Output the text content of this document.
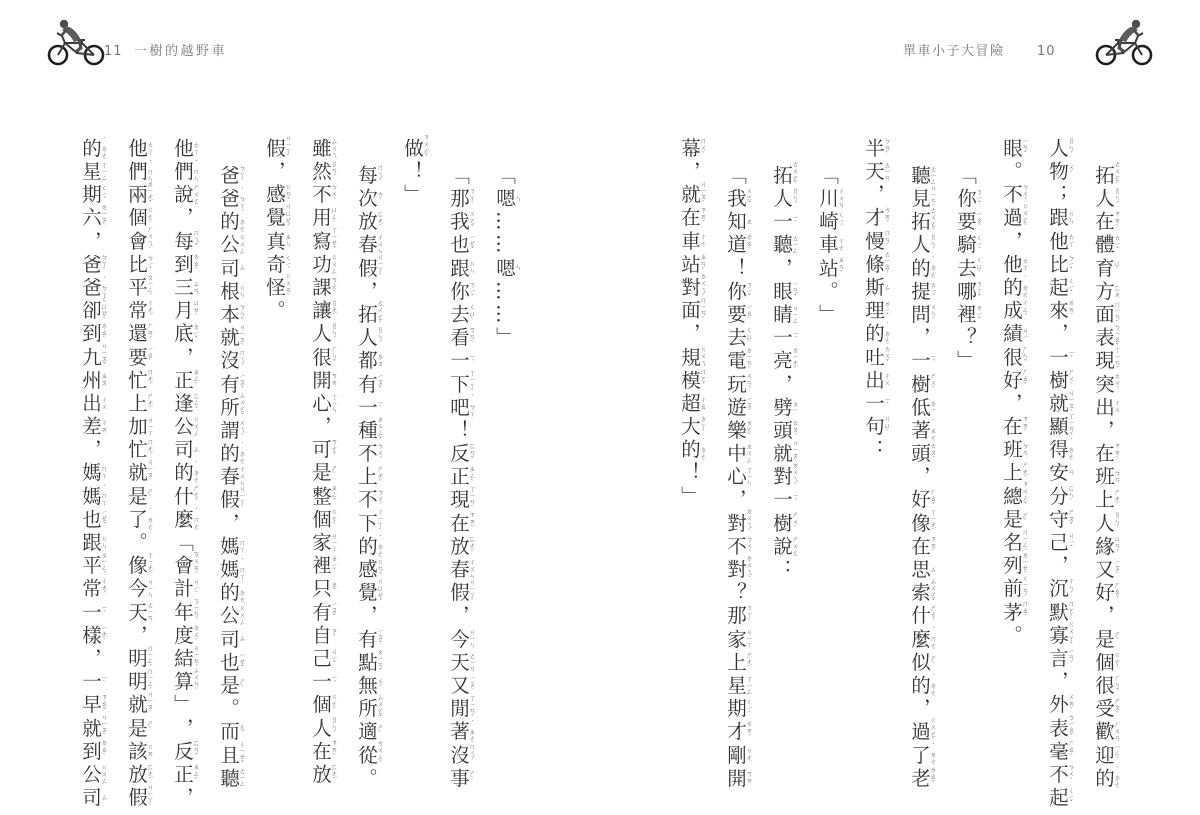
11 一樹的越野車	單車小子大冒險 10
拓
ㄊㄨㄛˋ
人
ㄖㄣˊ
在
ㄗㄞˋ
體
ㄊㄧˇ
育
ㄩˋ
方
ㄈㄤ
面
ㄇㄧㄢˋ
表
ㄅㄧㄠˇ
現
ㄒㄧㄢˋ
突
ㄊㄨˊ
出
ㄔㄨ
，
在
ㄗㄞˋ
班
ㄅㄢ
上
ㄕㄤˋ
人
ㄖㄣˊ
緣
ㄩㄢˊ
又
ㄧㄡˋ
好
ㄏㄠˇ
，
是
ㄕˋ
個
ㄍㄜˋ
很
ㄏㄣˇ
受
ㄕㄡˋ
歡
ㄏㄨㄢ
迎
ㄧㄥˊ
的
˙ㄉㄜ
人
ㄖㄣˊ
物
ㄨˋ
；
跟
ㄍㄣ
他
ㄊㄚ
比
ㄅㄧˇ
起
ㄑㄧˇ
來
ㄌㄞˊ
，
一
ㄧˊ
樹
ㄕㄨˋ
就
ㄐㄧㄡˋ
顯
ㄒㄧㄢˇ
得
˙ㄉㄜ
安
ㄢ
分
ㄈㄣˋ
守
ㄕㄡˇ
己
ㄐㄧˇ
，
沉
ㄔㄣˊ
默
ㄇㄛˋ
寡
ㄍㄨㄚˇ
言
ㄧㄢˊ
，
外
ㄨㄞˋ
表
ㄅㄧㄠˇ
毫
ㄏㄠˊ
不
ㄅㄨˋ
起
ㄑㄧˇ
眼
ㄧㄢˇ
。
不
ㄅㄨˊ
過
ㄍㄨㄛˋ
，
他
ㄊㄚ
的
˙ㄉㄜ
成
ㄔㄥˊ
績
ㄐㄧ
很
ㄏㄣˇ
好
ㄏㄠˇ
，
在
ㄗㄞˋ
班
ㄅㄢ
上
ㄕㄤˋ
總
ㄗㄨㄥˇ
是
ㄕˋ
名
ㄇㄧㄥˊ
列
ㄌㄧㄝˋ
前
ㄑㄧㄢˊ
茅
ㄇㄠˊ
。
「
你
ㄋㄧˇ
要
ㄧㄠˋ
騎
ㄑㄧˊ
去
ㄑㄩˋ
哪
ㄋㄚˇ
裡
ㄌㄧˇ
？
」
聽
ㄊㄧㄥ
見
ㄐㄧㄢˋ
拓
ㄊㄨㄛˋ
人
ㄖㄣˊ
的
˙ㄉㄜ
提
ㄊㄧˊ
問
ㄨㄣˋ
，
一
ㄧˊ
樹
ㄕㄨˋ
低
ㄉㄧ
著
˙ㄓㄜ
頭
ㄊㄡˊ
，
好
ㄏㄠˇ
像
ㄒㄧㄤˋ
在
ㄗㄞˋ
思
ㄙ
索
ㄙㄨㄛˇ
什
ㄕㄜˊ
麼
˙ㄇㄜ
似
ㄕˋ
的
˙ㄉㄜ
，
過
ㄍㄨㄛˋ
了
˙ㄌㄜ
老
ㄌㄠˇ
半
ㄅㄢˋ
天
ㄊㄧㄢ
，
才
ㄘㄞˊ
慢
ㄇㄢˋ
條
ㄊㄧㄠˊ
斯
ㄙ
理
ㄌㄧˇ
的
˙ㄉㄜ
吐
ㄊㄨˇ
出
ㄔㄨ
一
ㄧˊ
句
ㄐㄩˋ
：
「
川
ㄔㄨㄢ
崎
ㄑㄧˊ
車
ㄔㄜ
站
ㄓㄢˋ
。
」
拓
ㄊㄨㄛˋ
人
ㄖㄣˊ
一
ㄧˋ
聽
ㄊㄧㄥ
，
眼
ㄧㄢˇ
睛
ㄐㄧㄥ
一
ㄧˊ
亮
ㄌㄧㄤˋ
，
劈
ㄆㄧ
頭
ㄊㄡˊ
就
ㄐㄧㄡˋ
對
ㄉㄨㄟˋ
一
ㄧˊ
樹
ㄕㄨˋ
說
ㄕㄨㄛ
：
「
我
ㄨㄛˇ
知
ㄓ
道
ㄉㄠˋ
！
你
ㄋㄧˇ
要
ㄧㄠˋ
去
ㄑㄩˋ
電
ㄉㄧㄢˋ
玩
ㄨㄢˊ
遊
ㄧㄡˊ
樂
ㄌㄜˋ
中
ㄓㄨㄥ
心
ㄒㄧㄣ
，
對
ㄉㄨㄟˋ
不
ㄅㄨˊ
對
ㄉㄨㄟˋ
？
那
ㄋㄚˋ
家
ㄐㄧㄚ
上
ㄕㄤˋ
星
ㄒㄧㄥ
期
ㄑㄧˊ
才
ㄘㄞˊ
剛
ㄍㄤ
開
ㄎㄞ
幕
ㄇㄨˋ
，
就
ㄐㄧㄡˋ
在
ㄗㄞˋ
車
ㄔㄜ
站
ㄓㄢˋ
對
ㄉㄨㄟˋ
面
ㄇㄧㄢˋ
，
規
ㄍㄨㄟ
模
ㄇㄛˊ
超
ㄔㄠ
大
ㄉㄚˋ
的
˙ㄉㄜ
！
」
「
嗯
ㄣ
…
…
嗯
ㄣ
…
…
」
「
那
ㄋㄚˋ
我
ㄨㄛˇ
也
ㄧㄝˇ
跟
ㄍㄣ
你
ㄋㄧˇ
去
ㄑㄩˋ
看
ㄎㄢˋ
一
ㄧˊ
下
ㄒㄧㄚˋ
吧
˙ㄅㄚ
！
反
ㄈㄢˇ
正
ㄓㄥˋ
現
ㄒㄧㄢˋ
在
ㄗㄞˋ
放
ㄈㄤˋ
春
ㄔㄨㄣ
假
ㄐㄧㄚˋ
，
今
ㄐㄧㄣ
天
ㄊㄧㄢ
又
ㄧㄡˋ
閒
ㄒㄧㄢˊ
著
˙ㄓㄜ
沒
ㄇㄟˊ
事
ㄕˋ
做
ㄗㄨㄛˋ
！
」
每
ㄇㄟˇ
次
ㄘˋ
放
ㄈㄤˋ
春
ㄔㄨㄣ
假
ㄐㄧㄚˋ
，
拓
ㄊㄨㄛˋ
人
ㄖㄣˊ
都
ㄉㄡ
有
ㄧㄡˇ
一
ㄧˋ
種
ㄓㄨㄥˇ
不
ㄅㄨˊ
上
ㄕㄤˋ
不
ㄅㄨˊ
下
ㄒㄧㄚˋ
的
˙ㄉㄜ
感
ㄍㄢˇ
覺
ㄐㄩㄝˊ
，
有
ㄧㄡˇ
點
ㄉㄧㄢˇ
無
ㄨˊ
所
ㄙㄨㄛˇ
適
ㄕˋ
從
ㄘㄨㄥˊ
。
雖
ㄙㄨㄟ
然
ㄖㄢˊ
不
ㄅㄨˊ
用
ㄩㄥˋ
寫
ㄒㄧㄝˇ
功
ㄍㄨㄥ
課
ㄎㄜˋ
讓
ㄖㄤˋ
人
ㄖㄣˊ
很
ㄏㄣˇ
開
ㄎㄞ
心
ㄒㄧㄣ
，
可
ㄎㄜˇ
是
ㄕˋ
整
ㄓㄥˇ
個
ㄍㄜˋ
家
ㄐㄧㄚ
裡
ㄌㄧˇ
只
ㄓˇ
有
ㄧㄡˇ
自
ㄗˋ
己
ㄐㄧˇ
一
ㄧˊ
個
ㄍㄜˋ
人
ㄖㄣˊ
在
ㄗㄞˋ
放
ㄈㄤˋ
假
ㄐㄧㄚˋ
，
感
ㄍㄢˇ
覺
ㄐㄩㄝˊ
真
ㄓㄣ
奇
ㄑㄧˊ
怪
ㄍㄨㄞˋ
。
爸
ㄅㄚˋ
爸
˙ㄅㄚ
的
˙ㄉㄜ
公
ㄍㄨㄥ
司
ㄙ
根
ㄍㄣ
本
ㄅㄣˇ
就
ㄐㄧㄡˋ
沒
ㄇㄟˊ
有
ㄧㄡˇ
所
ㄙㄨㄛˇ
謂
ㄨㄟˋ
的
˙ㄉㄜ
春
ㄔㄨㄣ
假
ㄐㄧㄚˋ
，
媽
ㄇㄚ
媽
˙ㄇㄚ
的
˙ㄉㄜ
公
ㄍㄨㄥ
司
ㄙ
也
ㄧㄝˇ
是
ㄕˋ
。
而
ㄦˊ
且
ㄑㄧㄝˇ
聽
ㄊㄧㄥ
他
ㄊㄚ
們
˙ㄇㄣ
說
ㄕㄨㄛ
，
每
ㄇㄟˇ
到
ㄉㄠˋ
三
ㄙㄢ
月
ㄩㄝˋ
底
ㄉㄧˇ
，
正
ㄓㄥˋ
逢
ㄈㄥˊ
公
ㄍㄨㄥ
司
ㄙ
的
˙ㄉㄜ
什
ㄕㄜˊ
麼
˙ㄇㄜ
「
會
ㄎㄨㄞˋ
計
ㄐㄧˋ
年
ㄋㄧㄢˊ
度
ㄉㄨˋ
結
ㄐㄧㄝˊ
算
ㄙㄨㄢˋ
」
，
反
ㄈㄢˇ
正
ㄓㄥˋ
，
他
ㄊㄚ
們
˙ㄇㄣ
兩
ㄌㄧㄤˇ
個
ㄍㄜˋ
會
ㄏㄨㄟˋ
比
ㄅㄧˇ
平
ㄆㄧㄥˊ
常
ㄔㄤˊ
還
ㄏㄞˊ
要
ㄧㄠˋ
忙
ㄇㄤˊ
上
ㄕㄤˋ
加
ㄐㄧㄚ
忙
ㄇㄤˊ
就
ㄐㄧㄡˋ
是
ㄕˋ
了
˙ㄌㄜ
。
像
ㄒㄧㄤˋ
今
ㄐㄧㄣ
天
ㄊㄧㄢ
，
明
ㄇㄧㄥˊ
明
ㄇㄧㄥˊ
就
ㄐㄧㄡˋ
是
ㄕˋ
該
ㄍㄞ
放
ㄈㄤˋ
假
ㄐㄧㄚˋ
的
˙ㄉㄜ
星
ㄒㄧㄥ
期
ㄑㄧˊ
六
ㄌㄧㄡˋ
，
爸
ㄅㄚˋ
爸
˙ㄅㄚ
卻
ㄑㄩㄝˋ
到
ㄉㄠˋ
九
ㄐㄧㄡˇ
州
ㄓㄡ
出
ㄔㄨ
差
ㄔㄞ
，
媽
ㄇㄚ
媽
˙ㄇㄚ
也
ㄧㄝˇ
跟
ㄍㄣ
平
ㄆㄧㄥˊ
常
ㄔㄤˊ
一
ㄧˊ
樣
ㄧㄤˋ
，
一
ㄧˋ
早
ㄗㄠˇ
就
ㄐㄧㄡˋ
到
ㄉㄠˋ
公
ㄍㄨㄥ
司
ㄙ
